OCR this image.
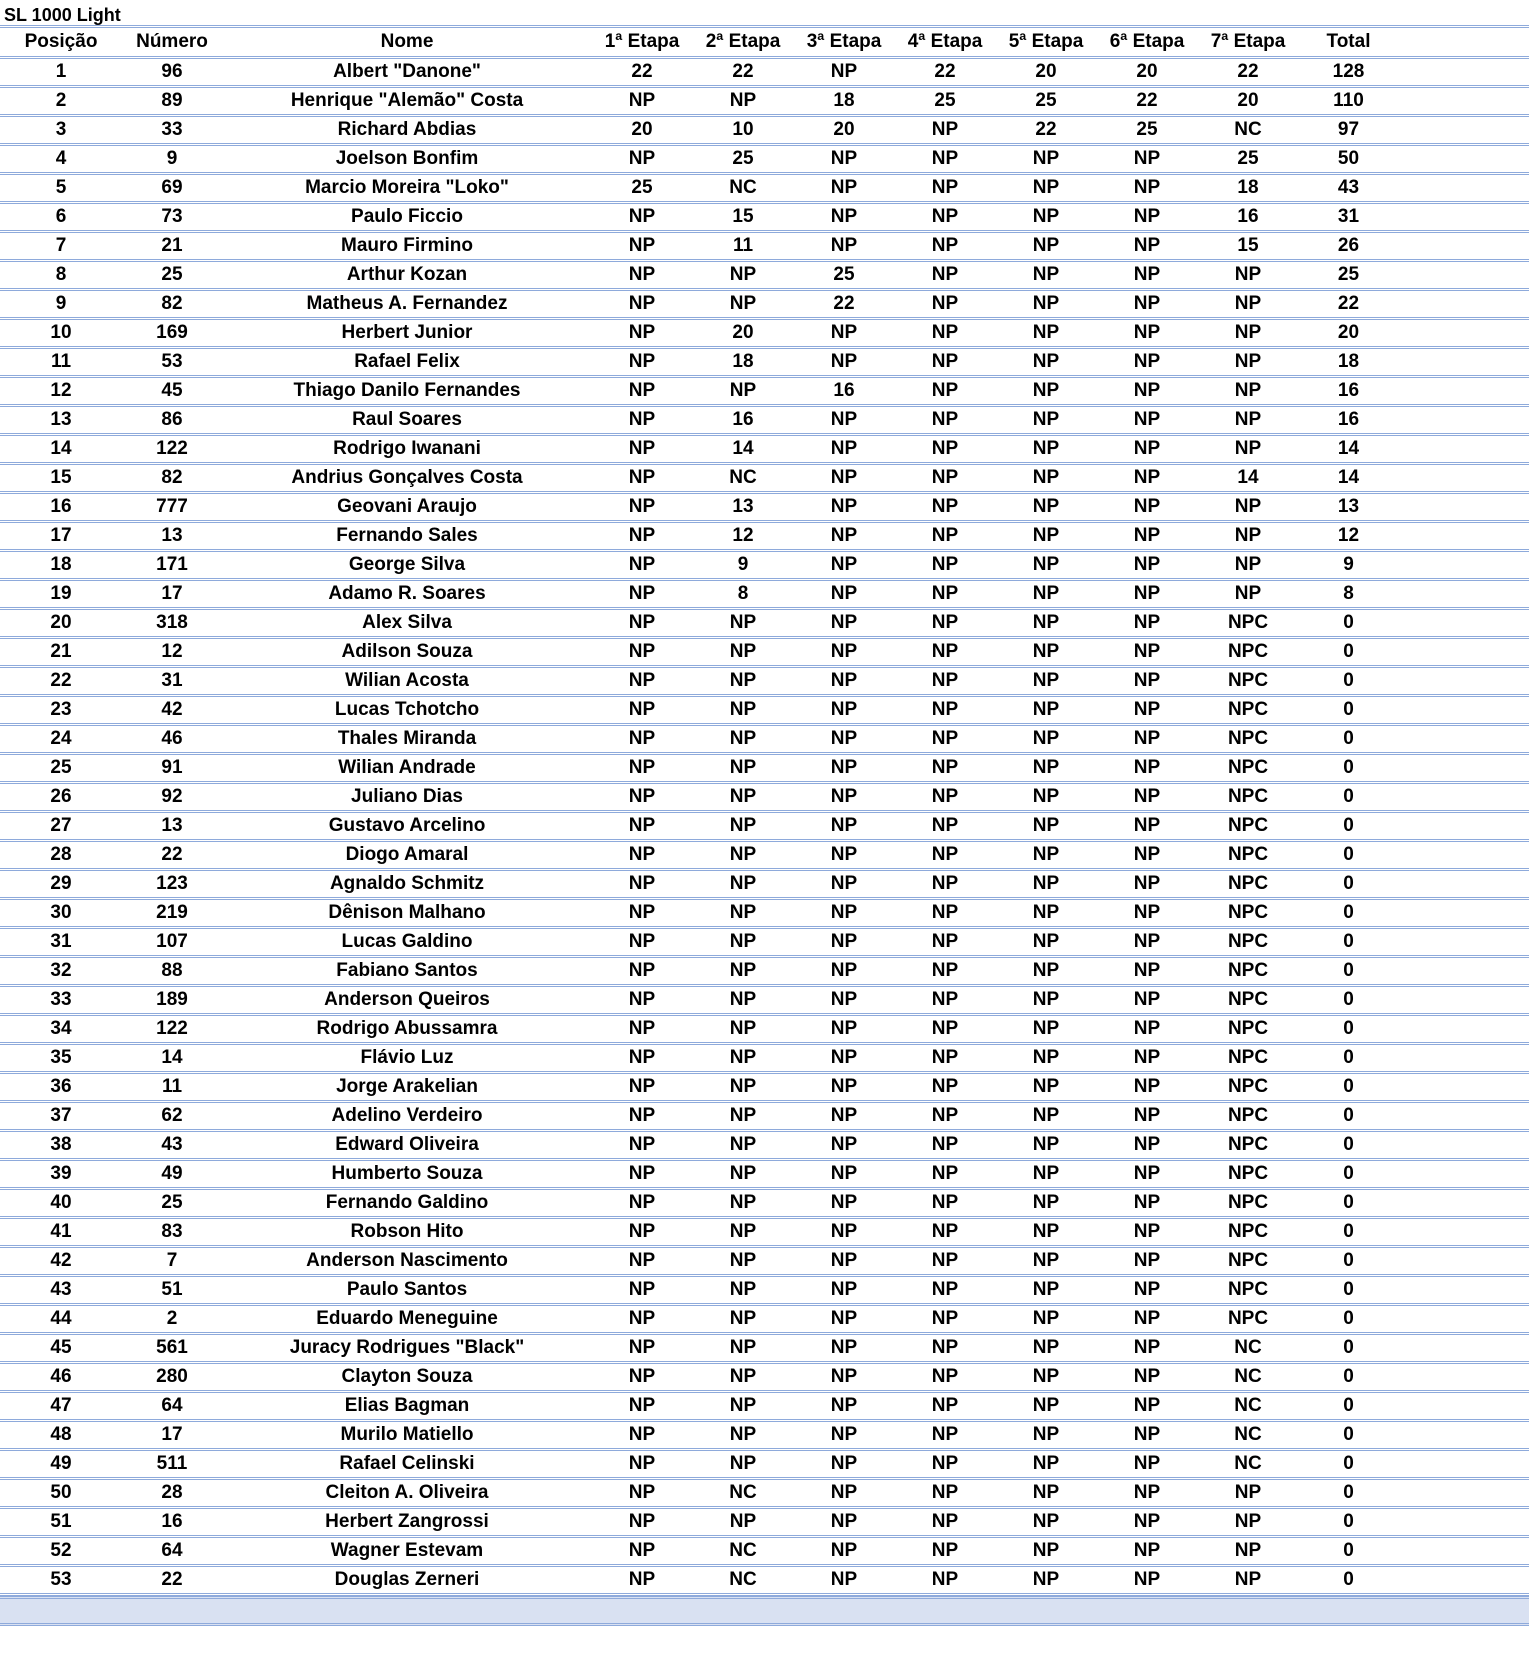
SL 1000 Light
Posição	Número	Nome	1ª Etapa	2ª Etapa	3ª Etapa	4ª Etapa	5ª Etapa	6ª Etapa	7ª Etapa	Total	
1	96	Albert "Danone"	22	22	NP	22	20	20	22	128	
2	89	Henrique "Alemão" Costa	NP	NP	18	25	25	22	20	110	
3	33	Richard Abdias	20	10	20	NP	22	25	NC	97	
4	9	Joelson Bonfim	NP	25	NP	NP	NP	NP	25	50	
5	69	Marcio Moreira "Loko"	25	NC	NP	NP	NP	NP	18	43	
6	73	Paulo Ficcio	NP	15	NP	NP	NP	NP	16	31	
7	21	Mauro Firmino	NP	11	NP	NP	NP	NP	15	26	
8	25	Arthur Kozan	NP	NP	25	NP	NP	NP	NP	25	
9	82	Matheus A. Fernandez	NP	NP	22	NP	NP	NP	NP	22	
10	169	Herbert Junior	NP	20	NP	NP	NP	NP	NP	20	
11	53	Rafael Felix	NP	18	NP	NP	NP	NP	NP	18	
12	45	Thiago Danilo Fernandes	NP	NP	16	NP	NP	NP	NP	16	
13	86	Raul Soares	NP	16	NP	NP	NP	NP	NP	16	
14	122	Rodrigo Iwanani	NP	14	NP	NP	NP	NP	NP	14	
15	82	Andrius Gonçalves Costa	NP	NC	NP	NP	NP	NP	14	14	
16	777	Geovani Araujo	NP	13	NP	NP	NP	NP	NP	13	
17	13	Fernando Sales	NP	12	NP	NP	NP	NP	NP	12	
18	171	George Silva	NP	9	NP	NP	NP	NP	NP	9	
19	17	Adamo R. Soares	NP	8	NP	NP	NP	NP	NP	8	
20	318	Alex Silva	NP	NP	NP	NP	NP	NP	NPC	0	
21	12	Adilson Souza	NP	NP	NP	NP	NP	NP	NPC	0	
22	31	Wilian Acosta	NP	NP	NP	NP	NP	NP	NPC	0	
23	42	Lucas Tchotcho	NP	NP	NP	NP	NP	NP	NPC	0	
24	46	Thales Miranda	NP	NP	NP	NP	NP	NP	NPC	0	
25	91	Wilian Andrade	NP	NP	NP	NP	NP	NP	NPC	0	
26	92	Juliano Dias	NP	NP	NP	NP	NP	NP	NPC	0	
27	13	Gustavo Arcelino	NP	NP	NP	NP	NP	NP	NPC	0	
28	22	Diogo Amaral	NP	NP	NP	NP	NP	NP	NPC	0	
29	123	Agnaldo Schmitz	NP	NP	NP	NP	NP	NP	NPC	0	
30	219	Dênison Malhano	NP	NP	NP	NP	NP	NP	NPC	0	
31	107	Lucas Galdino	NP	NP	NP	NP	NP	NP	NPC	0	
32	88	Fabiano Santos	NP	NP	NP	NP	NP	NP	NPC	0	
33	189	Anderson Queiros	NP	NP	NP	NP	NP	NP	NPC	0	
34	122	Rodrigo Abussamra	NP	NP	NP	NP	NP	NP	NPC	0	
35	14	Flávio Luz	NP	NP	NP	NP	NP	NP	NPC	0	
36	11	Jorge Arakelian	NP	NP	NP	NP	NP	NP	NPC	0	
37	62	Adelino Verdeiro	NP	NP	NP	NP	NP	NP	NPC	0	
38	43	Edward Oliveira	NP	NP	NP	NP	NP	NP	NPC	0	
39	49	Humberto Souza	NP	NP	NP	NP	NP	NP	NPC	0	
40	25	Fernando Galdino	NP	NP	NP	NP	NP	NP	NPC	0	
41	83	Robson Hito	NP	NP	NP	NP	NP	NP	NPC	0	
42	7	Anderson Nascimento	NP	NP	NP	NP	NP	NP	NPC	0	
43	51	Paulo Santos	NP	NP	NP	NP	NP	NP	NPC	0	
44	2	Eduardo Meneguine	NP	NP	NP	NP	NP	NP	NPC	0	
45	561	Juracy Rodrigues "Black"	NP	NP	NP	NP	NP	NP	NC	0	
46	280	Clayton Souza	NP	NP	NP	NP	NP	NP	NC	0	
47	64	Elias Bagman	NP	NP	NP	NP	NP	NP	NC	0	
48	17	Murilo Matiello	NP	NP	NP	NP	NP	NP	NC	0	
49	511	Rafael Celinski	NP	NP	NP	NP	NP	NP	NC	0	
50	28	Cleiton A. Oliveira	NP	NC	NP	NP	NP	NP	NP	0	
51	16	Herbert Zangrossi	NP	NP	NP	NP	NP	NP	NP	0	
52	64	Wagner Estevam	NP	NC	NP	NP	NP	NP	NP	0	
53	22	Douglas Zerneri	NP	NC	NP	NP	NP	NP	NP	0	
